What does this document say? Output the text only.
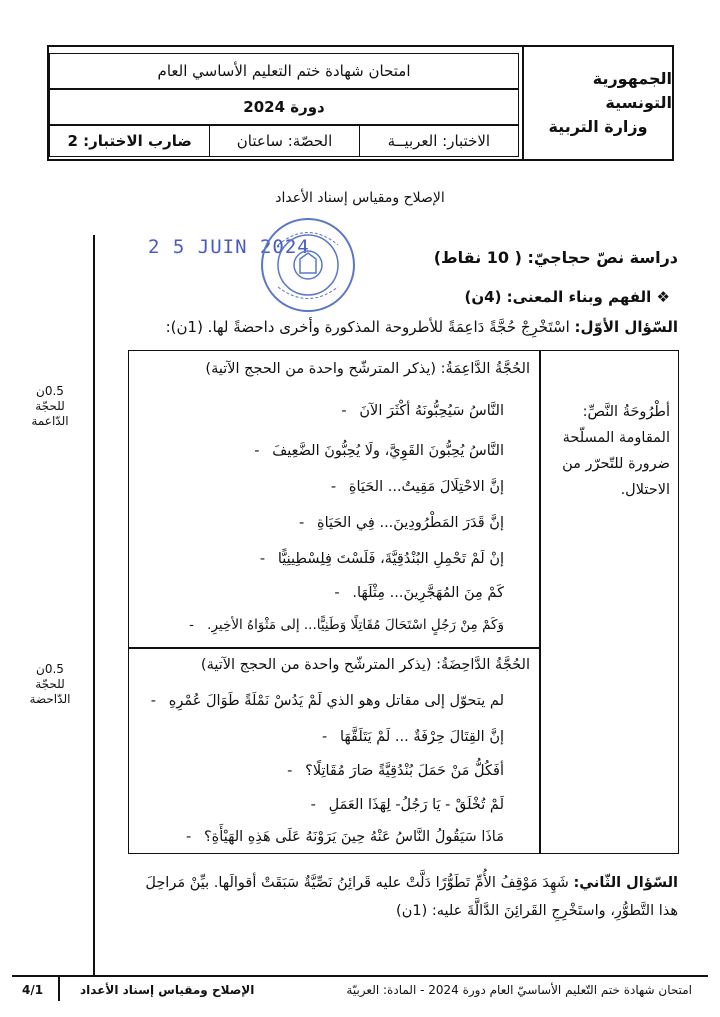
امتحان شهادة ختم التعليم الأساسي العام
دورة 2024
الاختبار: العربيــة
الحصّة: ساعتان
ضارب الاختبار: 2
الجمهورية التونسية
وزارة التربية
الإصلاح ومقياس إسناد الأعداد
2 5 JUIN 2024	دراسة نصّ حجاجيّ: ( 10 نقاط)
❖ الفهم وبناء المعنى: (4ن)
السّؤال الأوّل: اسْتَخْرِجْ حُجَّةً دَاعِمَةً للأطروحة المذكورة وأخرى داحضةً لها. (1ن):
أطْرُوحَةُ النَّصِّ:
المقاومة المسلّحة
ضرورة للتّحرّر من
الاحتلال.
الحُجَّةُ الدَّاعِمَةُ: (يذكر المترشّح واحدة من الحجج الآتية)
النَّاسُ سَيُحِبُّونَهُ أكْثَرَ الآنَ
-
النَّاسُ يُحِبُّونَ القَوِيَّ، ولَا يُحِبُّونَ الضَّعِيفَ
-
إنَّ الاحْتِلَالَ مَقِيتٌ... الحَيَاةِ
-
إنَّ قَدَرَ المَطْرُودِينَ... فِي الحَيَاةِ
-
إنْ لَمْ تَحْمِلِ البُنْدُقِيَّةَ، فَلَسْتَ فِلِسْطِينِيًّا
-
كَمْ مِنَ المُهَجَّرِينَ... مِثْلَهَا.
-
وَكَمْ مِنْ رَجُلٍ اسْتَحَالَ مُقَاتِلًا وَطَنِيًّا... إلى مَثْوَاهُ الأخِيرِ.
-
الحُجَّةُ الدَّاحِضَةُ: (يذكر المترشّح واحدة من الحجج الآتية)
لم يتحوّل إلى مقاتل وهو الذي لَمْ يَدُسْ نَمْلَةً طَوَالَ عُمْرِهِ
-
إنَّ القِتَالَ حِرْفَةٌ ... لَمْ يَتَلَقَّهَا
-
أفَكُلُّ مَنْ حَمَلَ بُنْدُقِيَّةً صَارَ مُقَاتِلًا؟
-
لَمْ تُخْلَقْ - يَا رَجُلُ- لِهَذَا العَمَلِ
-
مَاذَا سَيَقُولُ النَّاسُ عَنْهُ حِينَ يَرَوْنَهُ عَلَى هَذِهِ الهَيْأَةِ؟
-
0.5ن
للحجّة
الدّاعمة
0.5ن
للحجّة
الدّاحضة
السّؤال الثّاني: شَهِدَ مَوْقِفُ الأُمِّ تَطَوُّرًا دَلَّتْ عليه قَرائِنُ نَصِّيَّةٌ سَبَقَتْ أقوالَها. بيِّنْ مَراحِلَ
هذا التَّطوُّرِ، واستَخْرِجِ القَرائِنَ الدَّالَّةَ عليه: (1ن)
4/1	الإصلاح ومقياس إسناد الأعداد	امتحان شهادة ختم التّعليم الأساسيّ العام دورة 2024 - المادة: العربيّة
